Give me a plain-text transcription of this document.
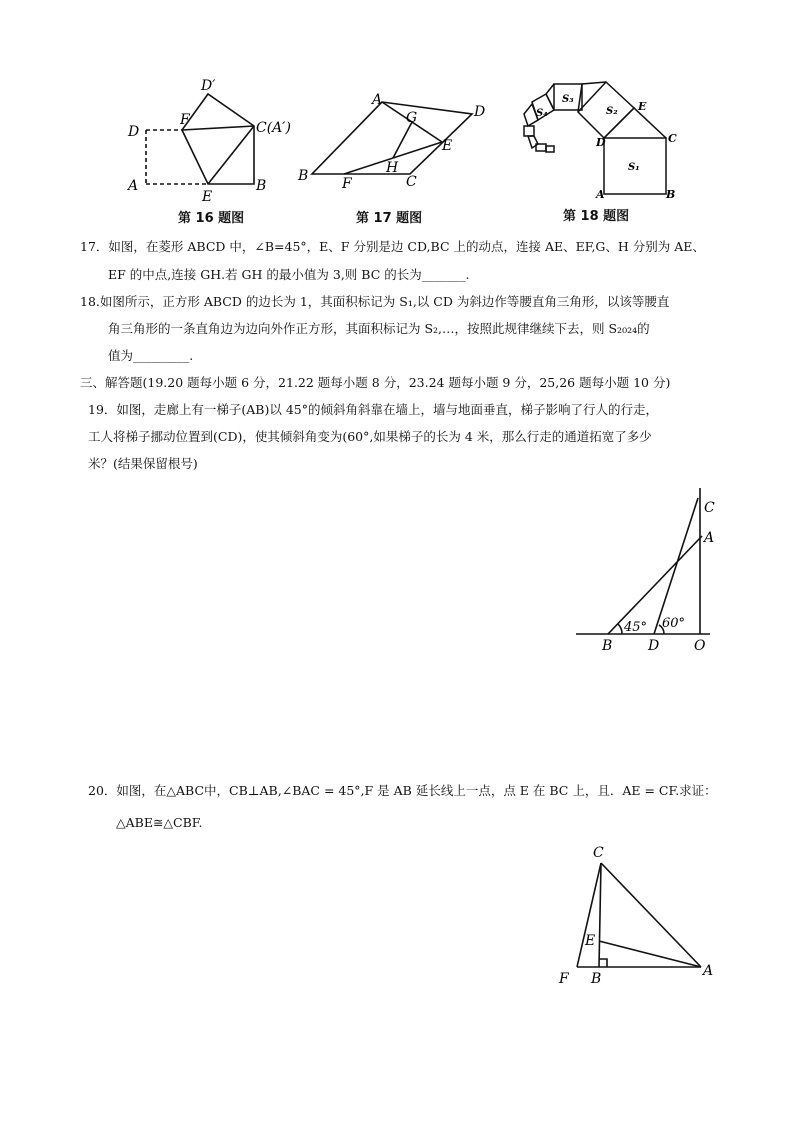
D′
D
F	C(A′)
A
E
B
第 16 题图
A
D
G
E
H
B F	C
第 17 题图
S₄
S₃
S₂ E
D	C
S₁
A	B
第 18 题图
17．如图，在菱形 ABCD 中，∠B=45°，E、F 分别是边 CD,BC 上的动点，连接 AE、EF,G、H 分别为 AE、
EF 的中点,连接 GH.若 GH 的最小值为 3,则 BC 的长为_______.
18.如图所示，正方形 ABCD 的边长为 1，其面积标记为 S₁,以 CD 为斜边作等腰直角三角形，以该等腰直
角三角形的一条直角边为边向外作正方形，其面积标记为 S₂,…，按照此规律继续下去，则 S₂₀₂₄的
值为_________.
三、解答题(19.20 题每小题 6 分，21.22 题每小题 8 分，23.24 题每小题 9 分，25,26 题每小题 10 分)
19．如图，走廊上有一梯子(AB)以 45°的倾斜角斜靠在墙上，墙与地面垂直，梯子影响了行人的行走，
工人将梯子挪动位置到(CD)，使其倾斜角变为(60°,如果梯子的长为 4 米，那么行走的通道拓宽了多少
米？(结果保留根号)
C
A
45° 60°
B	D O
20．如图，在△ABC中，CB⊥AB,∠BAC = 45°,F 是 AB 延长线上一点，点 E 在 BC 上，且．AE = CF.求证：
△ABE≅△CBF.
C
E
F B	A
